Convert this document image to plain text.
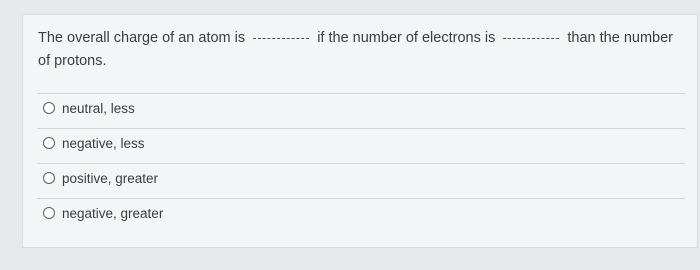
The overall charge of an atom is	if the number of electrons is	than the number of protons.
neutral, less
negative, less
positive, greater
negative, greater
